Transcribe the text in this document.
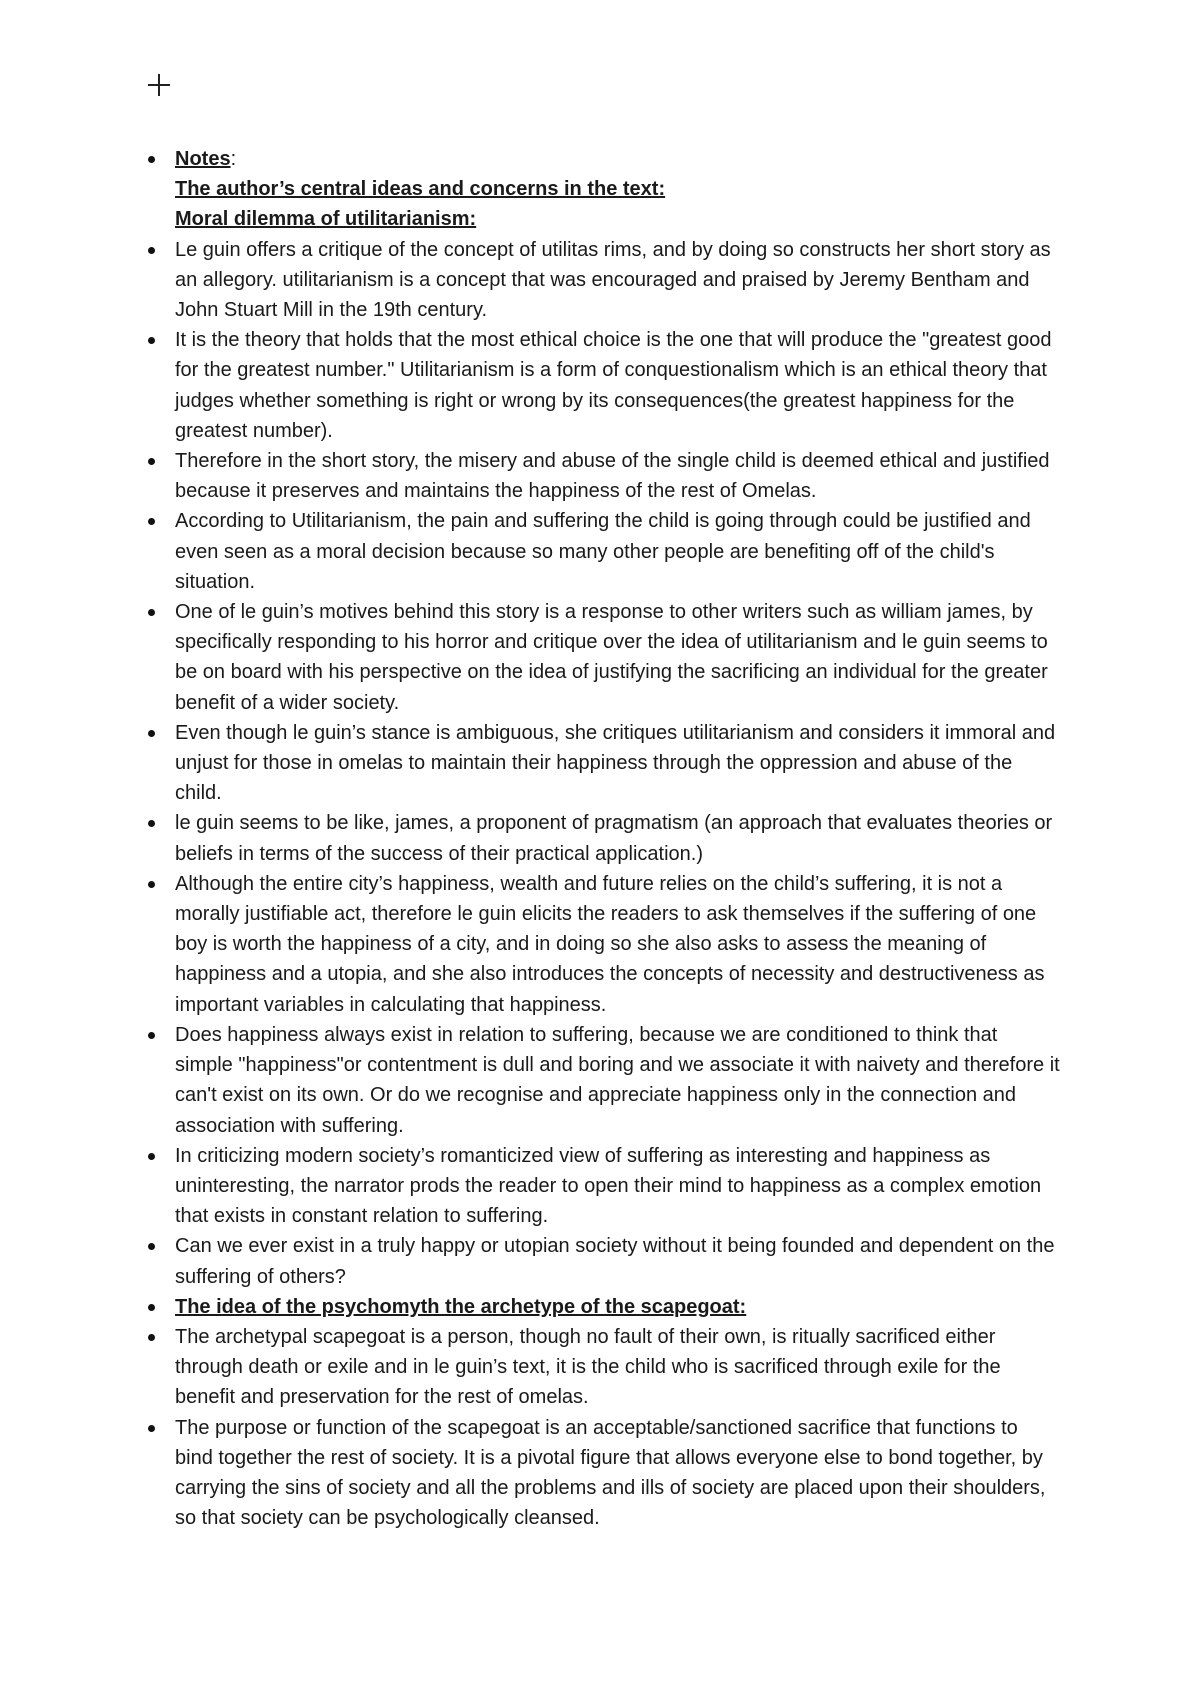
Notes:
The author’s central ideas and concerns in the text:
Moral dilemma of utilitarianism:
Le guin offers a critique of the concept of utilitas rims, and by doing so constructs her short story as an allegory. utilitarianism is a concept that was encouraged and praised by Jeremy Bentham and John Stuart Mill in the 19th century.
It is the theory that holds that the most ethical choice is the one that will produce the "greatest good for the greatest number." Utilitarianism is a form of conquestionalism which is an ethical theory that judges whether something is right or wrong by its consequences(the greatest happiness for the greatest number).
Therefore in the short story, the misery and abuse of the single child is deemed ethical and justified because it preserves and maintains the happiness of the rest of Omelas.
According to Utilitarianism, the pain and suffering the child is going through could be justified and even seen as a moral decision because so many other people are benefiting off of the child's situation.
One of le guin’s motives behind this story is a response to other writers such as william james, by specifically responding to his horror and critique over the idea of utilitarianism and le guin seems to be on board with his perspective on the idea of justifying the sacrificing an individual for the greater benefit of a wider society.
Even though le guin’s stance is ambiguous, she critiques utilitarianism and considers it immoral and unjust for those in omelas to maintain their happiness through the oppression and abuse of the child.
le guin seems to be like, james, a proponent of pragmatism (an approach that evaluates theories or beliefs in terms of the success of their practical application.)
Although the entire city’s happiness, wealth and future relies on the child’s suffering, it is not a morally justifiable act, therefore le guin elicits the readers to ask themselves if the suffering of one boy is worth the happiness of a city, and in doing so she also asks to assess the meaning of happiness and a utopia, and she also introduces the concepts of necessity and destructiveness as important variables in calculating that happiness.
Does happiness always exist in relation to suffering, because we are conditioned to think that simple "happiness"or contentment is dull and boring and we associate it with naivety and therefore it can't exist on its own. Or do we recognise and appreciate happiness only in the connection and association with suffering.
In criticizing modern society’s romanticized view of suffering as interesting and happiness as uninteresting, the narrator prods the reader to open their mind to happiness as a complex emotion that exists in constant relation to suffering.
Can we ever exist in a truly happy or utopian society without it being founded and dependent on the suffering of others?
The idea of the psychomyth the archetype of the scapegoat:
The archetypal scapegoat is a person, though no fault of their own, is ritually sacrificed either through death or exile and in le guin’s text, it is the child who is sacrificed through exile for the benefit and preservation for the rest of omelas.
The purpose or function of the scapegoat is an acceptable/sanctioned sacrifice that functions to bind together the rest of society. It is a pivotal figure that allows everyone else to bond together, by carrying the sins of society and all the problems and ills of society are placed upon their shoulders, so that society can be psychologically cleansed.
